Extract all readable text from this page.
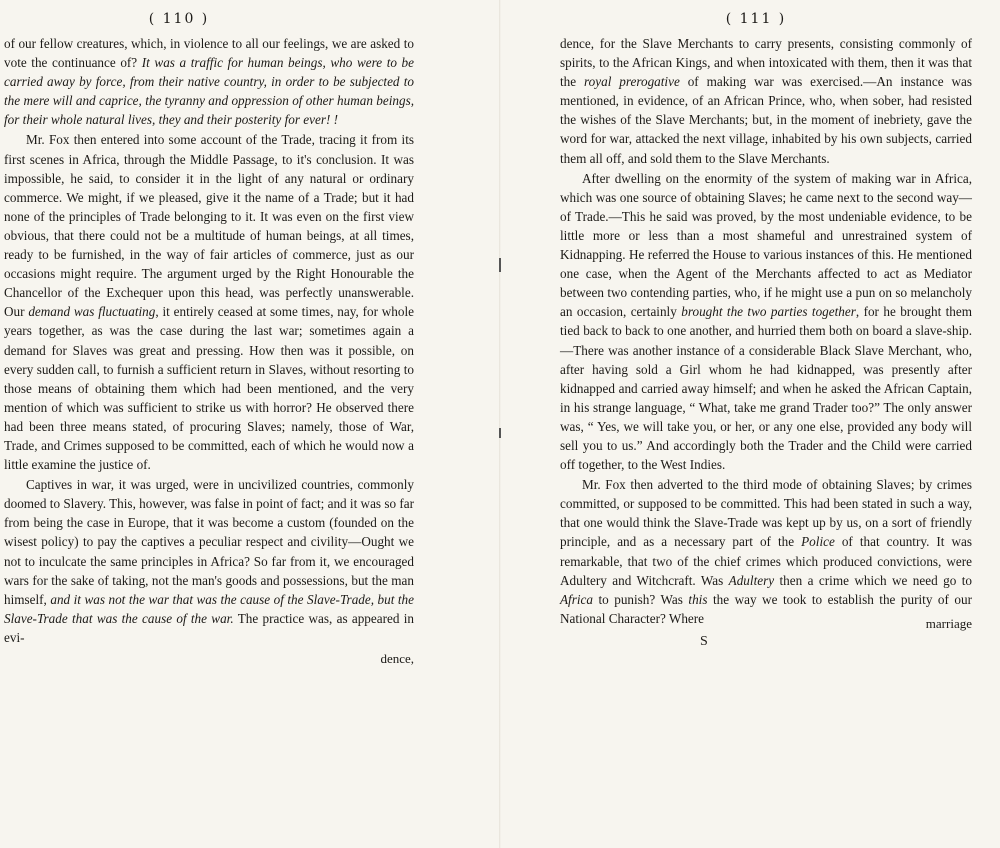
( 110 )

of our fellow creatures, which, in violence to all our feelings, we are asked to vote the continuance of? It was a traffic for human beings, who were to be carried away by force, from their native country, in order to be subjected to the mere will and caprice, the tyranny and oppression of other human beings, for their whole natural lives, they and their posterity for ever! !

Mr. Fox then entered into some account of the Trade, tracing it from its first scenes in Africa, through the Middle Passage, to it's conclusion. It was impossible, he said, to consider it in the light of any natural or ordinary commerce. We might, if we pleased, give it the name of a Trade; but it had none of the principles of Trade belonging to it. It was even on the first view obvious, that there could not be a multitude of human beings, at all times, ready to be furnished, in the way of fair articles of commerce, just as our occasions might require. The argument urged by the Right Honourable the Chancellor of the Exchequer upon this head, was perfectly unanswerable. Our demand was fluctuating, it entirely ceased at some times, nay, for whole years together, as was the case during the last war; sometimes again a demand for Slaves was great and pressing. How then was it possible, on every sudden call, to furnish a sufficient return in Slaves, without resorting to those means of obtaining them which had been mentioned, and the very mention of which was sufficient to strike us with horror? He observed there had been three means stated, of procuring Slaves; namely, those of War, Trade, and Crimes supposed to be committed, each of which he would now a little examine the justice of.

Captives in war, it was urged, were in uncivilized countries, commonly doomed to Slavery. This, however, was false in point of fact; and it was so far from being the case in Europe, that it was become a custom (founded on the wisest policy) to pay the captives a peculiar respect and civility—Ought we not to inculcate the same principles in Africa? So far from it, we encouraged wars for the sake of taking, not the man's goods and possessions, but the man himself, and it was not the war that was the cause of the Slave-Trade, but the Slave-Trade that was the cause of the war. The practice was, as appeared in evi-

dence,
( 111 )

dence, for the Slave Merchants to carry presents, consisting commonly of spirits, to the African Kings, and when intoxicated with them, then it was that the royal prerogative of making war was exercised.—An instance was mentioned, in evidence, of an African Prince, who, when sober, had resisted the wishes of the Slave Merchants; but, in the moment of inebriety, gave the word for war, attacked the next village, inhabited by his own subjects, carried them all off, and sold them to the Slave Merchants.

After dwelling on the enormity of the system of making war in Africa, which was one source of obtaining Slaves; he came next to the second way—of Trade.—This he said was proved, by the most undeniable evidence, to be little more or less than a most shameful and unrestrained system of Kidnapping. He referred the House to various instances of this. He mentioned one case, when the Agent of the Merchants affected to act as Mediator between two contending parties, who, if he might use a pun on so melancholy an occasion, certainly brought the two parties together, for he brought them tied back to back to one another, and hurried them both on board a slave-ship.—There was another instance of a considerable Black Slave Merchant, who, after having sold a Girl whom he had kidnapped, was presently after kidnapped and carried away himself; and when he asked the African Captain, in his strange language, “ What, take me grand Trader too?” The only answer was, “ Yes, we will take you, or her, or any one else, provided any body will sell you to us.” And accordingly both the Trader and the Child were carried off together, to the West Indies.

Mr. Fox then adverted to the third mode of obtaining Slaves; by crimes committed, or supposed to be committed. This had been stated in such a way, that one would think the Slave-Trade was kept up by us, on a sort of friendly principle, and as a necessary part of the Police of that country. It was remarkable, that two of the chief crimes which produced convictions, were Adultery and Witchcraft. Was Adultery then a crime which we need go to Africa to punish? Was this the way we took to establish the purity of our National Character? Where

S
marriage
